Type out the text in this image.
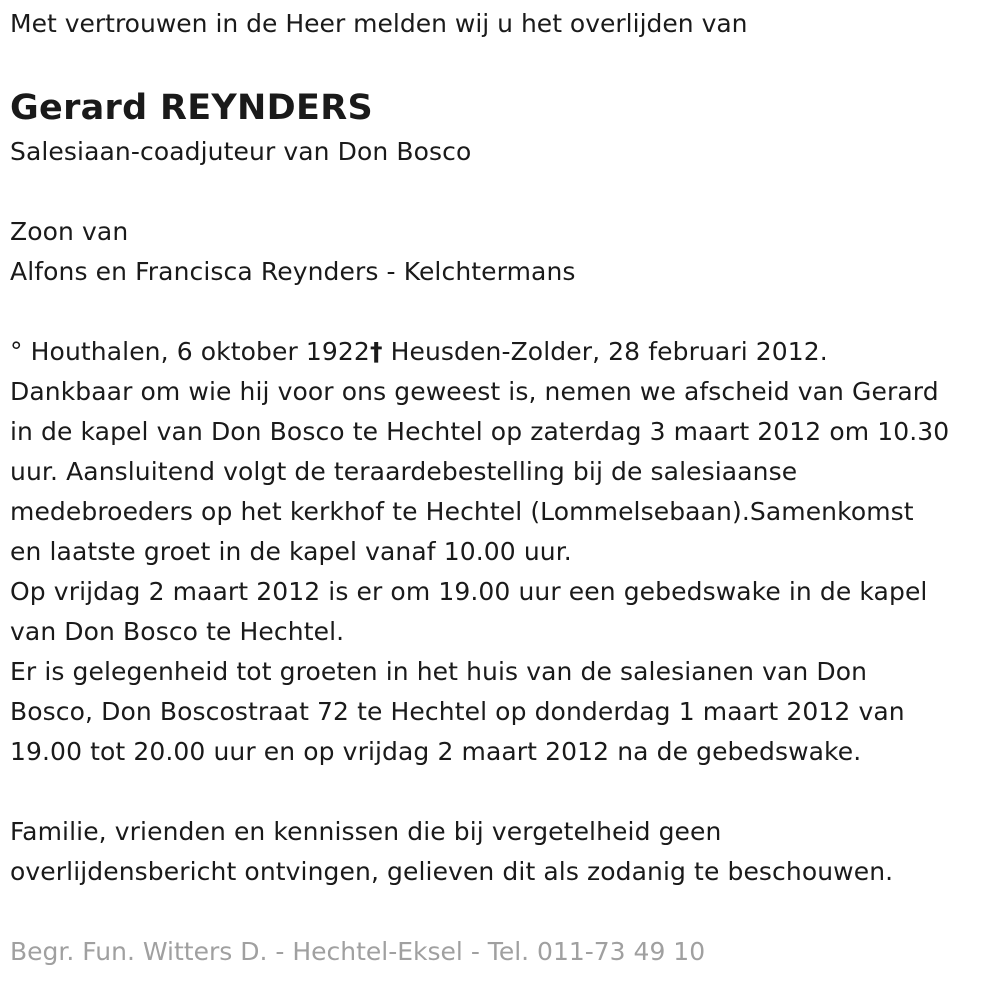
Met vertrouwen in de Heer melden wij u het overlijden van
Gerard REYNDERS
Salesiaan-coadjuteur van Don Bosco
Zoon van
Alfons en Francisca Reynders - Kelchtermans
° Houthalen, 6 oktober 1922† Heusden-Zolder, 28 februari 2012.
Dankbaar om wie hij voor ons geweest is, nemen we afscheid van Gerard
in de kapel van Don Bosco te Hechtel op zaterdag 3 maart 2012 om 10.30
uur. Aansluitend volgt de teraardebestelling bij de salesiaanse
medebroeders op het kerkhof te Hechtel (Lommelsebaan).Samenkomst
en laatste groet in de kapel vanaf 10.00 uur.
Op vrijdag 2 maart 2012 is er om 19.00 uur een gebedswake in de kapel
van Don Bosco te Hechtel.
Er is gelegenheid tot groeten in het huis van de salesianen van Don
Bosco, Don Boscostraat 72 te Hechtel op donderdag 1 maart 2012 van
19.00 tot 20.00 uur en op vrijdag 2 maart 2012 na de gebedswake.
Familie, vrienden en kennissen die bij vergetelheid geen
overlijdensbericht ontvingen, gelieven dit als zodanig te beschouwen.
Begr. Fun. Witters D. - Hechtel-Eksel - Tel. 011-73 49 10
